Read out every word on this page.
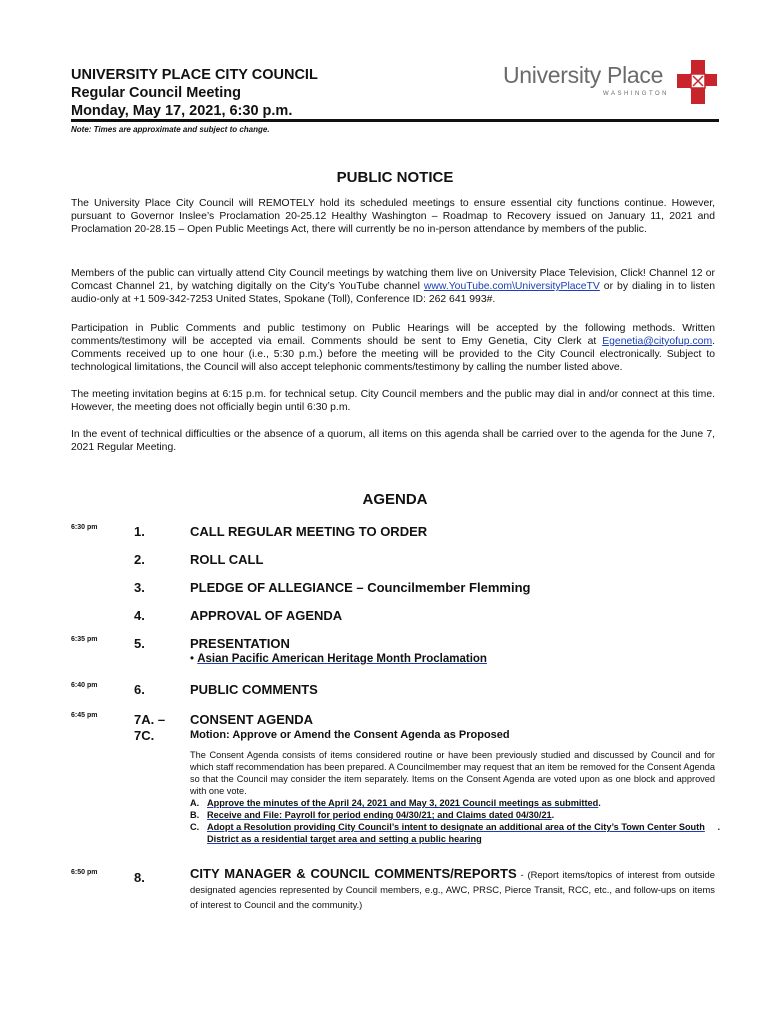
UNIVERSITY PLACE CITY COUNCIL
Regular Council Meeting
Monday, May 17, 2021, 6:30 p.m.
University Place
WASHINGTON
Note: Times are approximate and subject to change.
PUBLIC NOTICE
The University Place City Council will REMOTELY hold its scheduled meetings to ensure essential city functions continue. However, pursuant to Governor Inslee’s Proclamation 20-25.12 Healthy Washington – Roadmap to Recovery issued on January 11, 2021 and Proclamation 20-28.15 – Open Public Meetings Act, there will currently be no in-person attendance by members of the public.
Members of the public can virtually attend City Council meetings by watching them live on University Place Television, Click! Channel 12 or Comcast Channel 21, by watching digitally on the City’s YouTube channel www.YouTube.com\UniversityPlaceTV or by dialing in to listen audio-only at +1 509-342-7253 United States, Spokane (Toll), Conference ID: 262 641 993#.
Participation in Public Comments and public testimony on Public Hearings will be accepted by the following methods. Written comments/testimony will be accepted via email. Comments should be sent to Emy Genetia, City Clerk at Egenetia@cityofup.com. Comments received up to one hour (i.e., 5:30 p.m.) before the meeting will be provided to the City Council electronically. Subject to technological limitations, the Council will also accept telephonic comments/testimony by calling the number listed above.
The meeting invitation begins at 6:15 p.m. for technical setup. City Council members and the public may dial in and/or connect at this time. However, the meeting does not officially begin until 6:30 p.m.
In the event of technical difficulties or the absence of a quorum, all items on this agenda shall be carried over to the agenda for the June 7, 2021 Regular Meeting.
AGENDA
6:30 pm	1.	CALL REGULAR MEETING TO ORDER
2.	ROLL CALL
3.	PLEDGE OF ALLEGIANCE – Councilmember Flemming
4.	APPROVAL OF AGENDA
6:35 pm	5.	PRESENTATION
• Asian Pacific American Heritage Month Proclamation
6:40 pm	6.	PUBLIC COMMENTS
6:45 pm	7A. –
7C.
CONSENT AGENDA
Motion: Approve or Amend the Consent Agenda as Proposed
The Consent Agenda consists of items considered routine or have been previously studied and discussed by Council and for which staff recommendation has been prepared. A Councilmember may request that an item be removed for the Consent Agenda so that the Council may consider the item separately. Items on the Consent Agenda are voted upon as one block and approved with one vote.
A. Approve the minutes of the April 24, 2021 and May 3, 2021 Council meetings as submitted.
B. Receive and File: Payroll for period ending 04/30/21; and Claims dated 04/30/21.
C. Adopt a Resolution providing City Council’s intent to designate an additional area of the City’s Town Center South District as a residential target area and setting a public hearing
.
6:50 pm	8.	CITY MANAGER & COUNCIL COMMENTS/REPORTS - (Report items/topics of interest from outside designated agencies represented by Council members, e.g., AWC, PRSC, Pierce Transit, RCC, etc., and follow-ups on items of interest to Council and the community.)
